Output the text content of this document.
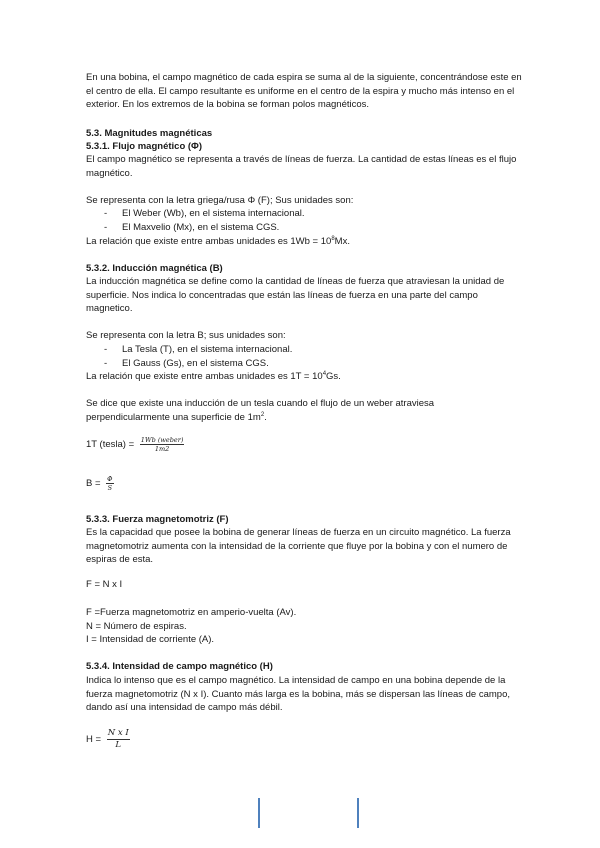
En una bobina, el campo magnético de cada espira se suma al de la siguiente, concentrándose este en el centro de ella. El campo resultante es uniforme en el centro de la espira y mucho más intenso en el exterior. En los extremos de la bobina se forman polos magnéticos.
5.3. Magnitudes magnéticas
5.3.1. Flujo magnético (Φ)
El campo magnético se representa a través de líneas de fuerza. La cantidad de estas líneas es el flujo magnético.
Se representa con la letra griega/rusa Φ (F); Sus unidades son:
- El Weber (Wb), en el sistema internacional.
- El Maxvelio (Mx), en el sistema CGS.
La relación que existe entre ambas unidades es $1Wb = 10^8Mx$.
5.3.2. Inducción magnética (B)
La inducción magnética se define como la cantidad de líneas de fuerza que atraviesan la unidad de superficie. Nos indica lo concentradas que están las líneas de fuerza en una parte del campo magnetico.
Se representa con la letra B; sus unidades son:
- La Tesla (T), en el sistema internacional.
- El Gauss (Gs), en el sistema CGS.
La relación que existe entre ambas unidades es $1T = 10^4Gs$.
Se dice que existe una inducción de un tesla cuando el flujo de un weber atraviesa perpendicularmente una superficie de $1m^2$.
1T (tesla) = $\frac{\text{1Wb (weber)}}{1m2}$
$B = \frac{\Phi}{S}$
5.3.3. Fuerza magnetomotriz (F)
Es la capacidad que posee la bobina de generar líneas de fuerza en un circuito magnético. La fuerza magnetomotriz aumenta con la intensidad de la corriente que fluye por la bobina y con el numero de espiras de esta.
F = N x I
F =Fuerza magnetomotriz en amperio-vuelta (Av).
N = Número de espiras.
I = Intensidad de corriente (A).
5.3.4. Intensidad de campo magnético (H)
Indica lo intenso que es el campo magnético. La intensidad de campo en una bobina depende de la fuerza magnetomotriz (N x I). Cuanto más larga es la bobina, más se dispersan las líneas de campo, dando así una intensidad de campo más débil.
$H = \frac{\text{N x I}}{L}$
